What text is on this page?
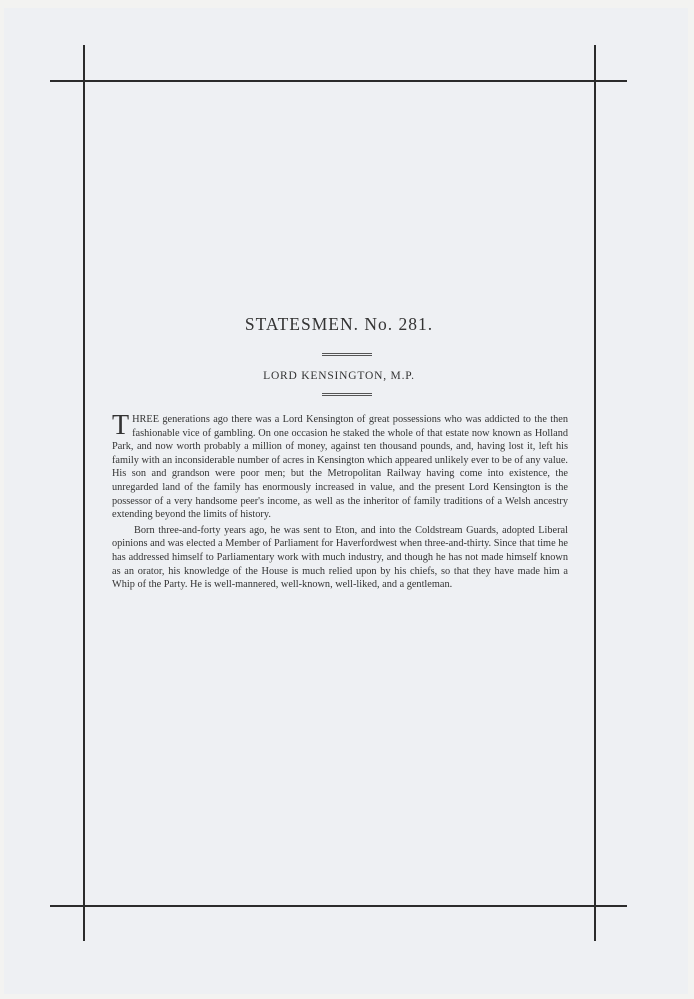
STATESMEN. No. 281.
LORD KENSINGTON, M.P.

THREE generations ago there was a Lord Kensington of great possessions who was addicted to the then fashionable vice of gambling. On one occasion he staked the whole of that estate now known as Holland Park, and now worth probably a million of money, against ten thousand pounds, and, having lost it, left his family with an inconsiderable number of acres in Kensington which appeared unlikely ever to be of any value. His son and grandson were poor men; but the Metropolitan Railway having come into existence, the unregarded land of the family has enormously increased in value, and the present Lord Kensington is the possessor of a very handsome peer's income, as well as the inheritor of family traditions of a Welsh ancestry extending beyond the limits of history.

Born three-and-forty years ago, he was sent to Eton, and into the Coldstream Guards, adopted Liberal opinions and was elected a Member of Parliament for Haverfordwest when three-and-thirty. Since that time he has addressed himself to Parliamentary work with much industry, and though he has not made himself known as an orator, his knowledge of the House is much relied upon by his chiefs, so that they have made him a Whip of the Party. He is well-mannered, well-known, well-liked, and a gentleman.
